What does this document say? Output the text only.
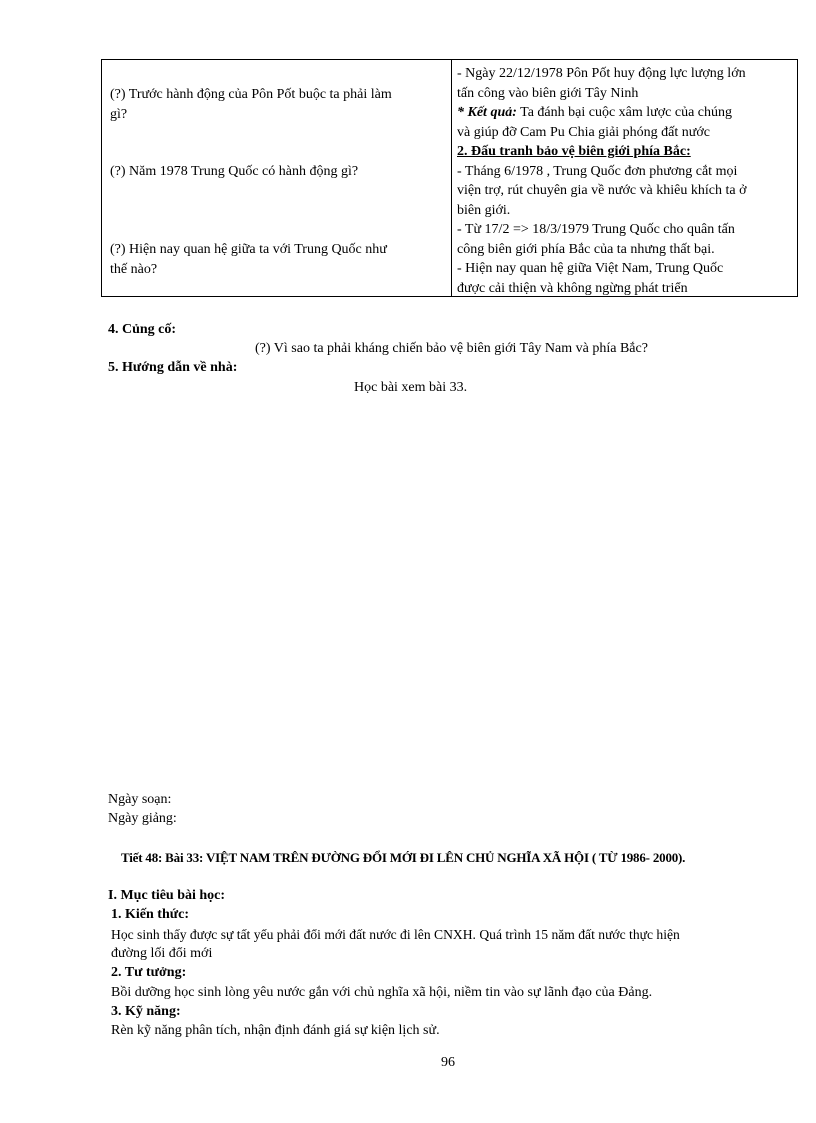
(?) Trước hành động của Pôn Pốt buộc ta phải làm
gì?
(?) Năm 1978 Trung Quốc có hành động gì?
(?) Hiện nay quan hệ giữa ta với Trung Quốc như
thế nào?
- Ngày 22/12/1978 Pôn Pốt huy động lực lượng lớn
tấn công vào biên giới Tây Ninh
* Kết quả: Ta đánh bại cuộc xâm lược của chúng
và giúp đỡ Cam Pu Chia giải phóng đất nước
2. Đấu tranh bảo vệ biên giới phía Bắc:
- Tháng 6/1978 , Trung Quốc đơn phương cắt mọi
viện trợ, rút chuyên gia về nước và khiêu khích ta ở
biên giới.
- Từ 17/2 => 18/3/1979 Trung Quốc cho quân tấn
công biên giới phía Bắc của ta nhưng thất bại.
- Hiện nay quan hệ giữa Việt Nam, Trung Quốc
được cải thiện và không ngừng phát triển
4. Củng cố:
(?) Vì sao ta phải kháng chiến bảo vệ biên giới Tây Nam và phía Bắc?
5. Hướng dẫn về nhà:
Học bài xem bài 33.
Ngày soạn:
Ngày giảng:
Tiết 48: Bài 33: VIỆT NAM TRÊN ĐƯỜNG ĐỔI MỚI ĐI LÊN CHỦ NGHĨA XÃ HỘI ( TỪ 1986- 2000).
I. Mục tiêu bài học:
1. Kiến thức:
Học sinh thấy được sự tất yếu phải đổi mới đất nước đi lên CNXH. Quá trình 15 năm đất nước thực hiện
đường lối đổi mới
2. Tư tưởng:
Bồi dưỡng học sinh lòng yêu nước gắn với chủ nghĩa xã hội, niềm tin vào sự lãnh đạo của Đảng.
3. Kỹ năng:
Rèn kỹ năng phân tích, nhận định đánh giá sự kiện lịch sử.
96
